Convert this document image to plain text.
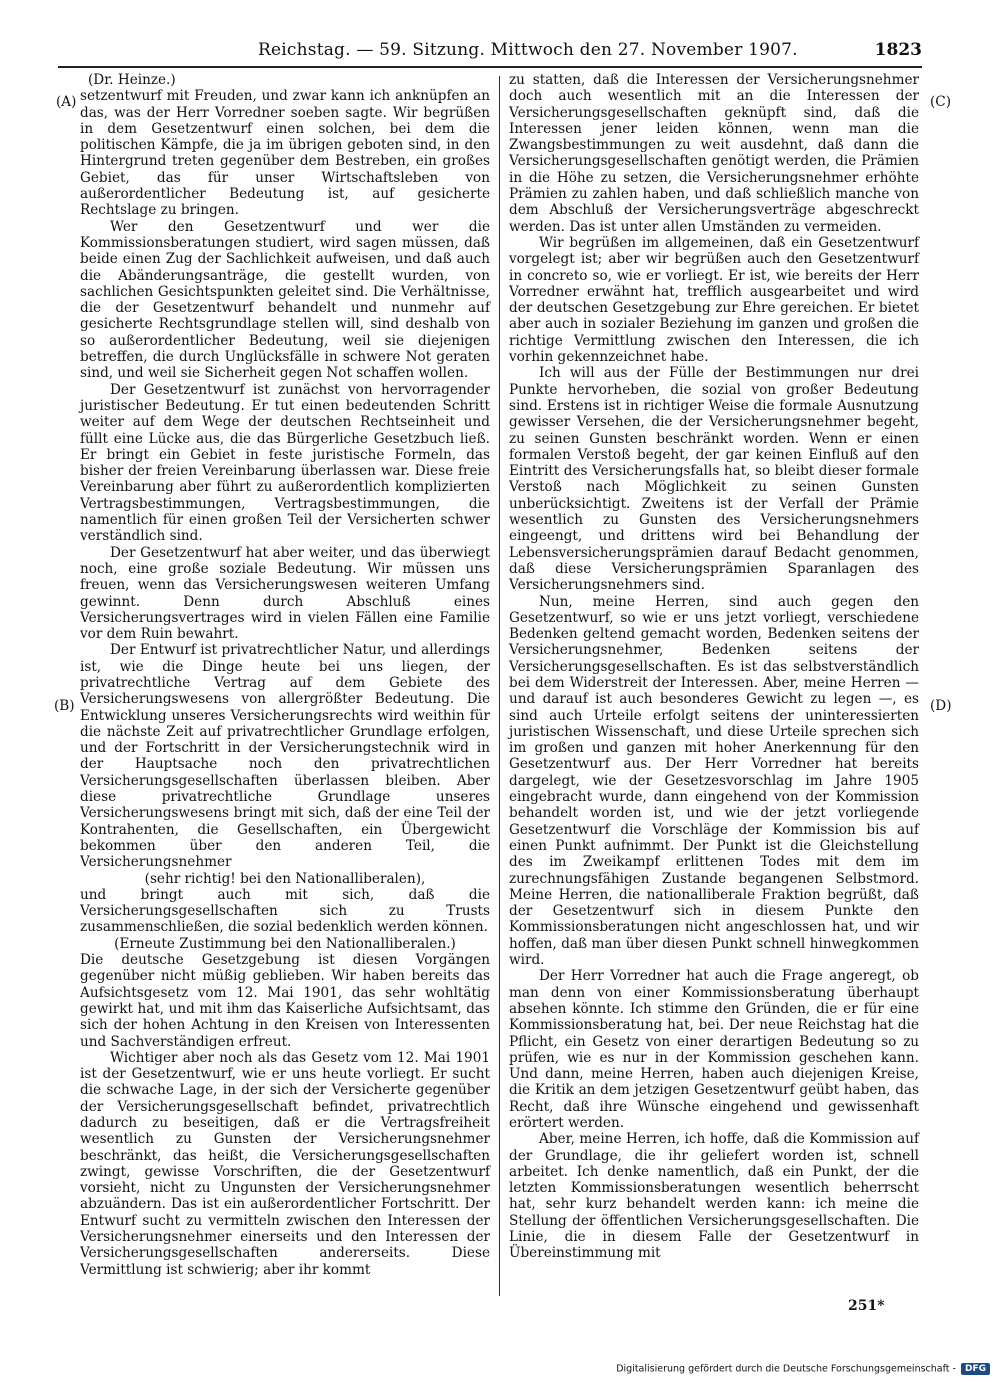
Reichstag. — 59. Sitzung. Mittwoch den 27. November 1907.	1823
(A)
(B)
(C)
(D)

(Dr. Heinze.)

setzentwurf mit Freuden, und zwar kann ich anknüpfen an das, was der Herr Vorredner soeben sagte. Wir begrüßen in dem Gesetzentwurf einen solchen, bei dem die politischen Kämpfe, die ja im übrigen geboten sind, in den Hintergrund treten gegenüber dem Bestreben, ein großes Gebiet, das für unser Wirtschaftsleben von außerordentlicher Bedeutung ist, auf gesicherte Rechtslage zu bringen.

Wer den Gesetzentwurf und wer die Kommissionsberatungen studiert, wird sagen müssen, daß beide einen Zug der Sachlichkeit aufweisen, und daß auch die Abänderungsanträge, die gestellt wurden, von sachlichen Gesichtspunkten geleitet sind. Die Verhältnisse, die der Gesetzentwurf behandelt und nunmehr auf gesicherte Rechtsgrundlage stellen will, sind deshalb von so außerordentlicher Bedeutung, weil sie diejenigen betreffen, die durch Unglücksfälle in schwere Not geraten sind, und weil sie Sicherheit gegen Not schaffen wollen.

Der Gesetzentwurf ist zunächst von hervorragender juristischer Bedeutung. Er tut einen bedeutenden Schritt weiter auf dem Wege der deutschen Rechtseinheit und füllt eine Lücke aus, die das Bürgerliche Gesetzbuch ließ. Er bringt ein Gebiet in feste juristische Formeln, das bisher der freien Vereinbarung überlassen war. Diese freie Vereinbarung aber führt zu außerordentlich komplizierten Vertragsbestimmungen, Vertragsbestimmungen, die namentlich für einen großen Teil der Versicherten schwer verständlich sind.

Der Gesetzentwurf hat aber weiter, und das überwiegt noch, eine große soziale Bedeutung. Wir müssen uns freuen, wenn das Versicherungswesen weiteren Umfang gewinnt. Denn durch Abschluß eines Versicherungsvertrages wird in vielen Fällen eine Familie vor dem Ruin bewahrt.

Der Entwurf ist privatrechtlicher Natur, und allerdings ist, wie die Dinge heute bei uns liegen, der privatrechtliche Vertrag auf dem Gebiete des Versicherungswesens von allergrößter Bedeutung. Die Entwicklung unseres Versicherungsrechts wird weithin für die nächste Zeit auf privatrechtlicher Grundlage erfolgen, und der Fortschritt in der Versicherungstechnik wird in der Hauptsache noch den privatrechtlichen Versicherungsgesellschaften überlassen bleiben. Aber diese privatrechtliche Grundlage unseres Versicherungswesens bringt mit sich, daß der eine Teil der Kontrahenten, die Gesellschaften, ein Übergewicht bekommen über den anderen Teil, die Versicherungsnehmer

(sehr richtig! bei den Nationalliberalen),

und bringt auch mit sich, daß die Versicherungsgesellschaften sich zu Trusts zusammenschließen, die sozial bedenklich werden können.

(Erneute Zustimmung bei den Nationalliberalen.)

Die deutsche Gesetzgebung ist diesen Vorgängen gegenüber nicht müßig geblieben. Wir haben bereits das Aufsichtsgesetz vom 12. Mai 1901, das sehr wohltätig gewirkt hat, und mit ihm das Kaiserliche Aufsichtsamt, das sich der hohen Achtung in den Kreisen von Interessenten und Sachverständigen erfreut.

Wichtiger aber noch als das Gesetz vom 12. Mai 1901 ist der Gesetzentwurf, wie er uns heute vorliegt. Er sucht die schwache Lage, in der sich der Versicherte gegenüber der Versicherungsgesellschaft befindet, privatrechtlich dadurch zu beseitigen, daß er die Vertragsfreiheit wesentlich zu Gunsten der Versicherungsnehmer beschränkt, das heißt, die Versicherungsgesellschaften zwingt, gewisse Vorschriften, die der Gesetzentwurf vorsieht, nicht zu Ungunsten der Versicherungsnehmer abzuändern. Das ist ein außerordentlicher Fortschritt. Der Entwurf sucht zu vermitteln zwischen den Interessen der Versicherungsnehmer einerseits und den Interessen der Versicherungsgesellschaften andererseits. Diese Vermittlung ist schwierig; aber ihr kommt

zu statten, daß die Interessen der Versicherungsnehmer doch auch wesentlich mit an die Interessen der Versicherungsgesellschaften geknüpft sind, daß die Interessen jener leiden können, wenn man die Zwangsbestimmungen zu weit ausdehnt, daß dann die Versicherungsgesellschaften genötigt werden, die Prämien in die Höhe zu setzen, die Versicherungsnehmer erhöhte Prämien zu zahlen haben, und daß schließlich manche von dem Abschluß der Versicherungsverträge abgeschreckt werden. Das ist unter allen Umständen zu vermeiden.

Wir begrüßen im allgemeinen, daß ein Gesetzentwurf vorgelegt ist; aber wir begrüßen auch den Gesetzentwurf in concreto so, wie er vorliegt. Er ist, wie bereits der Herr Vorredner erwähnt hat, trefflich ausgearbeitet und wird der deutschen Gesetzgebung zur Ehre gereichen. Er bietet aber auch in sozialer Beziehung im ganzen und großen die richtige Vermittlung zwischen den Interessen, die ich vorhin gekennzeichnet habe.

Ich will aus der Fülle der Bestimmungen nur drei Punkte hervorheben, die sozial von großer Bedeutung sind. Erstens ist in richtiger Weise die formale Ausnutzung gewisser Versehen, die der Versicherungsnehmer begeht, zu seinen Gunsten beschränkt worden. Wenn er einen formalen Verstoß begeht, der gar keinen Einfluß auf den Eintritt des Versicherungsfalls hat, so bleibt dieser formale Verstoß nach Möglichkeit zu seinen Gunsten unberücksichtigt. Zweitens ist der Verfall der Prämie wesentlich zu Gunsten des Versicherungsnehmers eingeengt, und drittens wird bei Behandlung der Lebensversicherungsprämien darauf Bedacht genommen, daß diese Versicherungsprämien Sparanlagen des Versicherungsnehmers sind.

Nun, meine Herren, sind auch gegen den Gesetzentwurf, so wie er uns jetzt vorliegt, verschiedene Bedenken geltend gemacht worden, Bedenken seitens der Versicherungsnehmer, Bedenken seitens der Versicherungsgesellschaften. Es ist das selbstverständlich bei dem Widerstreit der Interessen. Aber, meine Herren — und darauf ist auch besonderes Gewicht zu legen —, es sind auch Urteile erfolgt seitens der uninteressierten juristischen Wissenschaft, und diese Urteile sprechen sich im großen und ganzen mit hoher Anerkennung für den Gesetzentwurf aus. Der Herr Vorredner hat bereits dargelegt, wie der Gesetzesvorschlag im Jahre 1905 eingebracht wurde, dann eingehend von der Kommission behandelt worden ist, und wie der jetzt vorliegende Gesetzentwurf die Vorschläge der Kommission bis auf einen Punkt aufnimmt. Der Punkt ist die Gleichstellung des im Zweikampf erlittenen Todes mit dem im zurechnungsfähigen Zustande begangenen Selbstmord. Meine Herren, die nationalliberale Fraktion begrüßt, daß der Gesetzentwurf sich in diesem Punkte den Kommissionsberatungen nicht angeschlossen hat, und wir hoffen, daß man über diesen Punkt schnell hinwegkommen wird.

Der Herr Vorredner hat auch die Frage angeregt, ob man denn von einer Kommissionsberatung überhaupt absehen könnte. Ich stimme den Gründen, die er für eine Kommissionsberatung hat, bei. Der neue Reichstag hat die Pflicht, ein Gesetz von einer derartigen Bedeutung so zu prüfen, wie es nur in der Kommission geschehen kann. Und dann, meine Herren, haben auch diejenigen Kreise, die Kritik an dem jetzigen Gesetzentwurf geübt haben, das Recht, daß ihre Wünsche eingehend und gewissenhaft erörtert werden.

Aber, meine Herren, ich hoffe, daß die Kommission auf der Grundlage, die ihr geliefert worden ist, schnell arbeitet. Ich denke namentlich, daß ein Punkt, der die letzten Kommissionsberatungen wesentlich beherrscht hat, sehr kurz behandelt werden kann: ich meine die Stellung der öffentlichen Versicherungsgesellschaften. Die Linie, die in diesem Falle der Gesetzentwurf in Übereinstimmung mit

251*
Digitalisierung gefördert durch die Deutsche Forschungsgemeinschaft - DFG
